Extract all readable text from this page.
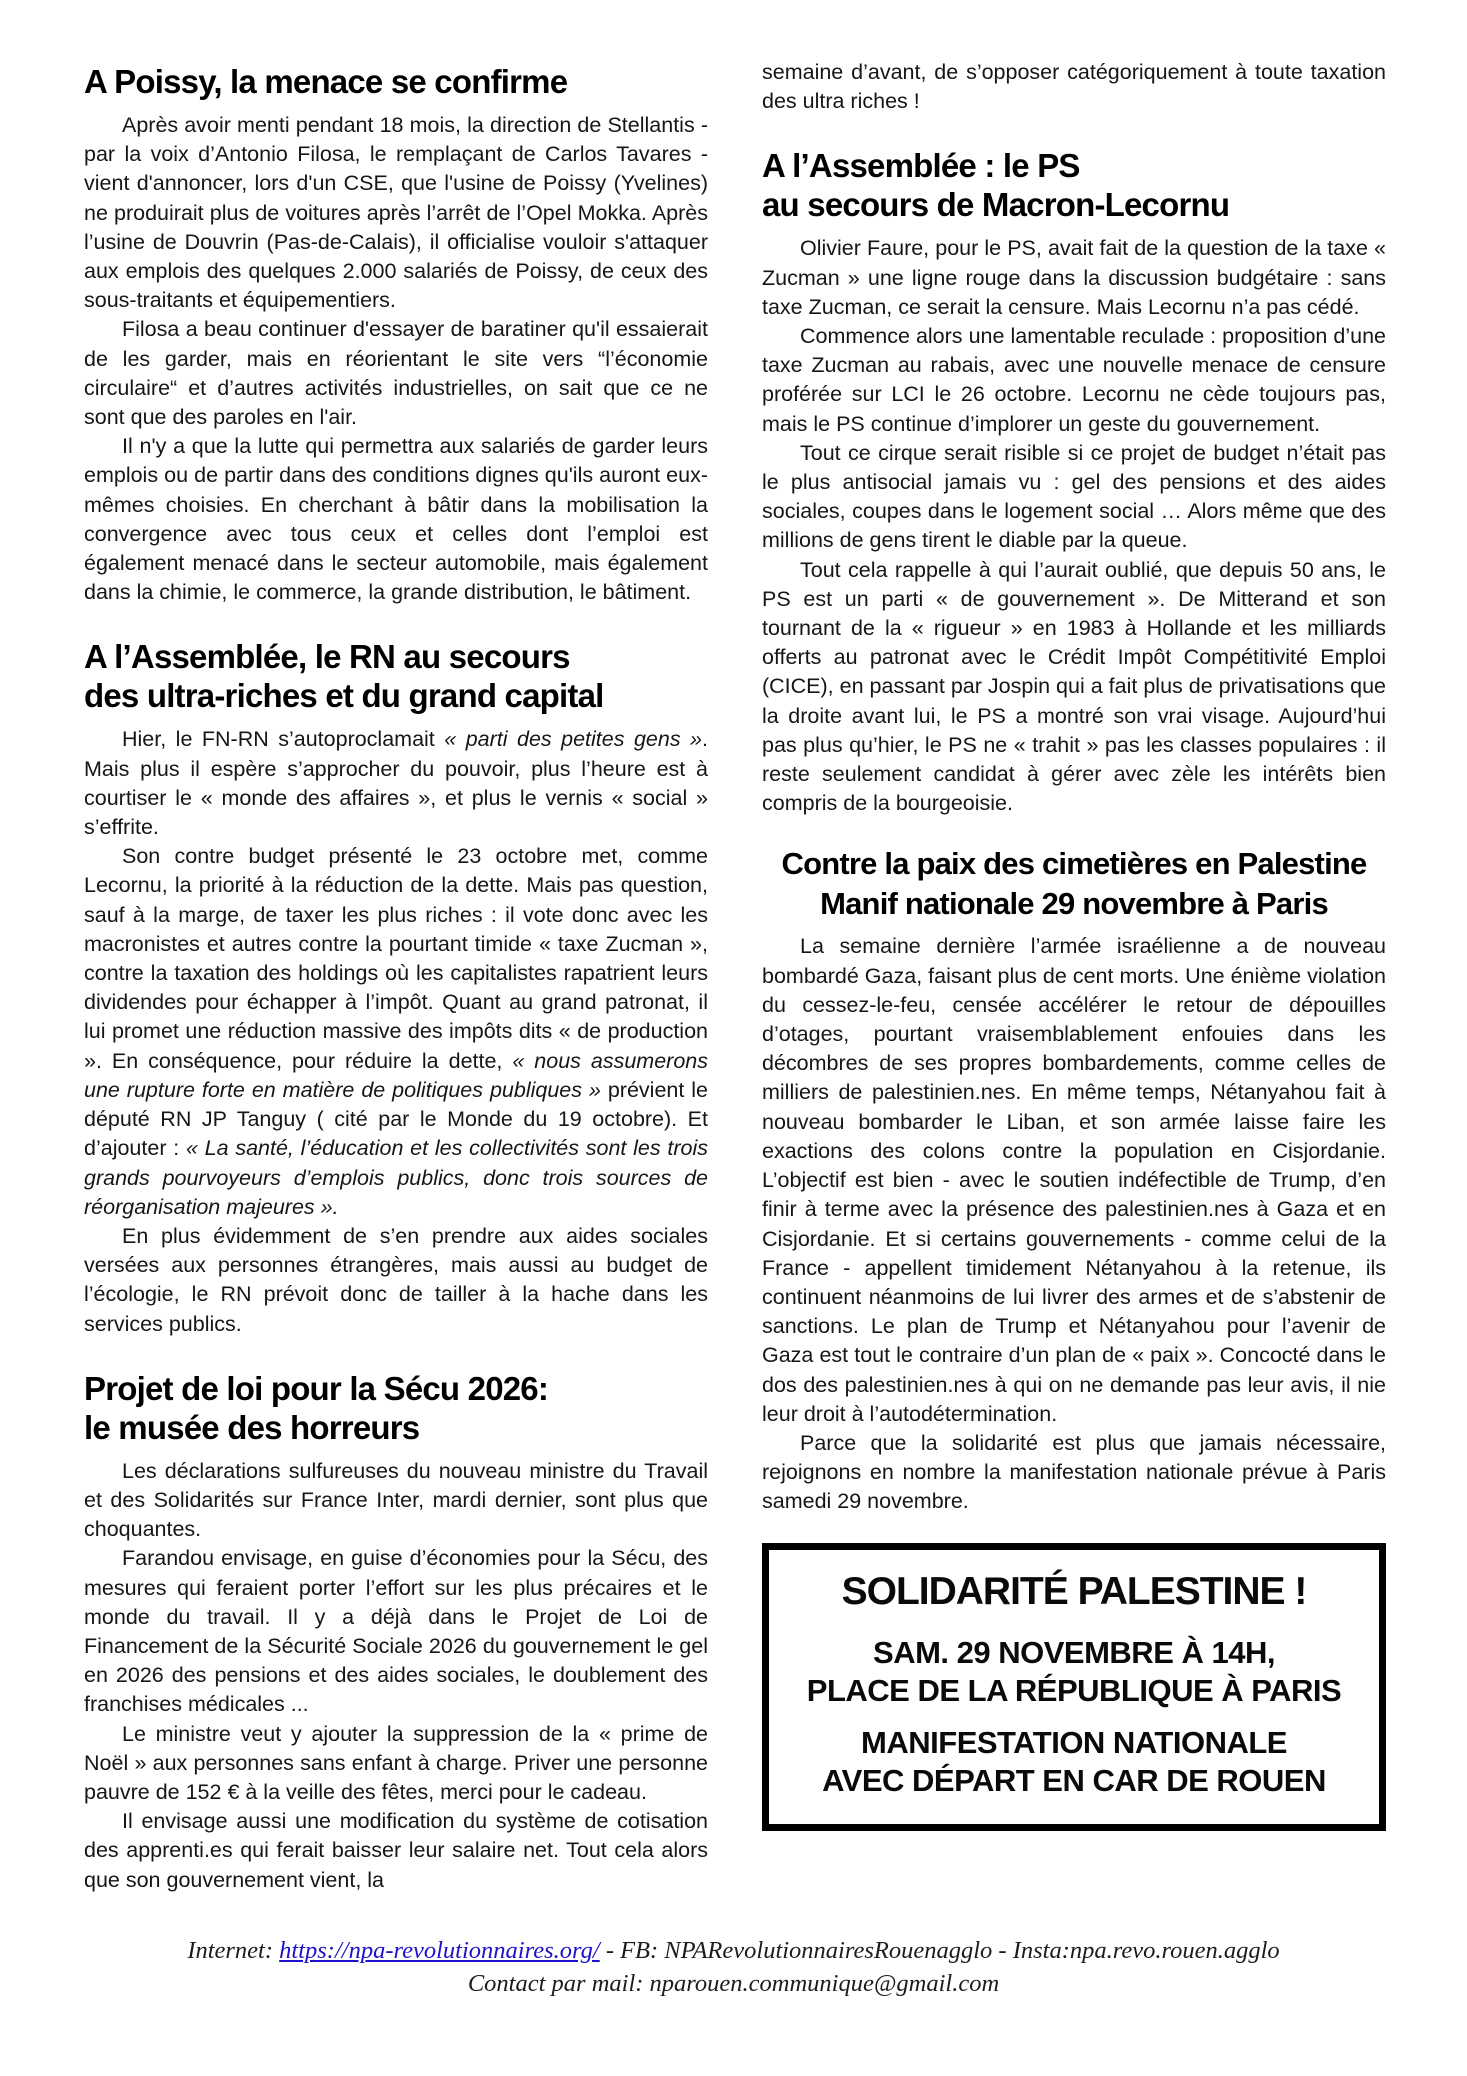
A Poissy, la menace se confirme

Après avoir menti pendant 18 mois, la direction de Stellantis - par la voix d’Antonio Filosa, le remplaçant de Carlos Tavares - vient d'annoncer, lors d'un CSE, que l'usine de Poissy (Yvelines) ne produirait plus de voitures après l’arrêt de l’Opel Mokka. Après l’usine de Douvrin (Pas-de-Calais), il officialise vouloir s'attaquer aux emplois des quelques 2.000 salariés de Poissy, de ceux des sous-traitants et équipementiers.

Filosa a beau continuer d'essayer de baratiner qu'il essaierait de les garder, mais en réorientant le site vers “l’économie circulaire“ et d’autres activités industrielles, on sait que ce ne sont que des paroles en l'air.

Il n'y a que la lutte qui permettra aux salariés de garder leurs emplois ou de partir dans des conditions dignes qu'ils auront eux-mêmes choisies. En cherchant à bâtir dans la mobilisation la convergence avec tous ceux et celles dont l’emploi est également menacé dans le secteur automobile, mais également dans la chimie, le commerce, la grande distribution, le bâtiment.

A l’Assemblée, le RN au secours
des ultra-riches et du grand capital

Hier, le FN-RN s’autoproclamait « parti des petites gens ». Mais plus il espère s’approcher du pouvoir, plus l’heure est à courtiser le « monde des affaires », et plus le vernis « social » s’effrite.

Son contre budget présenté le 23 octobre met, comme Lecornu, la priorité à la réduction de la dette. Mais pas question, sauf à la marge, de taxer les plus riches : il vote donc avec les macronistes et autres contre la pourtant timide « taxe Zucman », contre la taxation des holdings où les capitalistes rapatrient leurs dividendes pour échapper à l’impôt. Quant au grand patronat, il lui promet une réduction massive des impôts dits « de production ». En conséquence, pour réduire la dette, « nous assumerons une rupture forte en matière de politiques publiques » prévient le député RN JP Tanguy ( cité par le Monde du 19 octobre). Et d’ajouter : « La santé, l’éducation et les collectivités sont les trois grands pourvoyeurs d’emplois publics, donc trois sources de réorganisation majeures ».

En plus évidemment de s’en prendre aux aides sociales versées aux personnes étrangères, mais aussi au budget de l’écologie, le RN prévoit donc de tailler à la hache dans les services publics.

Projet de loi pour la Sécu 2026:
le musée des horreurs

Les déclarations sulfureuses du nouveau ministre du Travail et des Solidarités sur France Inter, mardi dernier, sont plus que choquantes.

Farandou envisage, en guise d’économies pour la Sécu, des mesures qui feraient porter l’effort sur les plus précaires et le monde du travail. Il y a déjà dans le Projet de Loi de Financement de la Sécurité Sociale 2026 du gouvernement le gel en 2026 des pensions et des aides sociales, le doublement des franchises médicales ...

Le ministre veut y ajouter la suppression de la « prime de Noël » aux personnes sans enfant à charge. Priver une personne pauvre de 152 € à la veille des fêtes, merci pour le cadeau.

Il envisage aussi une modification du système de cotisation des apprenti.es qui ferait baisser leur salaire net. Tout cela alors que son gouvernement vient, la

semaine d’avant, de s’opposer catégoriquement à toute taxation des ultra riches !

A l’Assemblée : le PS
au secours de Macron-Lecornu

Olivier Faure, pour le PS, avait fait de la question de la taxe « Zucman » une ligne rouge dans la discussion budgétaire : sans taxe Zucman, ce serait la censure. Mais Lecornu n’a pas cédé.

Commence alors une lamentable reculade : proposition d’une taxe Zucman au rabais, avec une nouvelle menace de censure proférée sur LCI le 26 octobre. Lecornu ne cède toujours pas, mais le PS continue d’implorer un geste du gouvernement.

Tout ce cirque serait risible si ce projet de budget n’était pas le plus antisocial jamais vu : gel des pensions et des aides sociales, coupes dans le logement social … Alors même que des millions de gens tirent le diable par la queue.

Tout cela rappelle à qui l’aurait oublié, que depuis 50 ans, le PS est un parti « de gouvernement ». De Mitterand et son tournant de la « rigueur » en 1983 à Hollande et les milliards offerts au patronat avec le Crédit Impôt Compétitivité Emploi (CICE), en passant par Jospin qui a fait plus de privatisations que la droite avant lui, le PS a montré son vrai visage. Aujourd’hui pas plus qu’hier, le PS ne « trahit » pas les classes populaires : il reste seulement candidat à gérer avec zèle les intérêts bien compris de la bourgeoisie.

Contre la paix des cimetières en Palestine
Manif nationale 29 novembre à Paris

La semaine dernière l’armée israélienne a de nouveau bombardé Gaza, faisant plus de cent morts. Une énième violation du cessez-le-feu, censée accélérer le retour de dépouilles d’otages, pourtant vraisemblablement enfouies dans les décombres de ses propres bombardements, comme celles de milliers de palestinien.nes. En même temps, Nétanyahou fait à nouveau bombarder le Liban, et son armée laisse faire les exactions des colons contre la population en Cisjordanie. L’objectif est bien - avec le soutien indéfectible de Trump, d’en finir à terme avec la présence des palestinien.nes à Gaza et en Cisjordanie. Et si certains gouvernements - comme celui de la France - appellent timidement Nétanyahou à la retenue, ils continuent néanmoins de lui livrer des armes et de s’abstenir de sanctions. Le plan de Trump et Nétanyahou pour l’avenir de Gaza est tout le contraire d’un plan de « paix ». Concocté dans le dos des palestinien.nes à qui on ne demande pas leur avis, il nie leur droit à l’autodétermination.

Parce que la solidarité est plus que jamais nécessaire, rejoignons en nombre la manifestation nationale prévue à Paris samedi 29 novembre.

SOLIDARITÉ PALESTINE !
SAM. 29 NOVEMBRE À 14H,
PLACE DE LA RÉPUBLIQUE À PARIS
MANIFESTATION NATIONALE
AVEC DÉPART EN CAR DE ROUEN
Internet: https://npa-revolutionnaires.org/ - FB: NPARevolutionnairesRouenagglo - Insta:npa.revo.rouen.agglo
Contact par mail: nparouen.communique@gmail.com
